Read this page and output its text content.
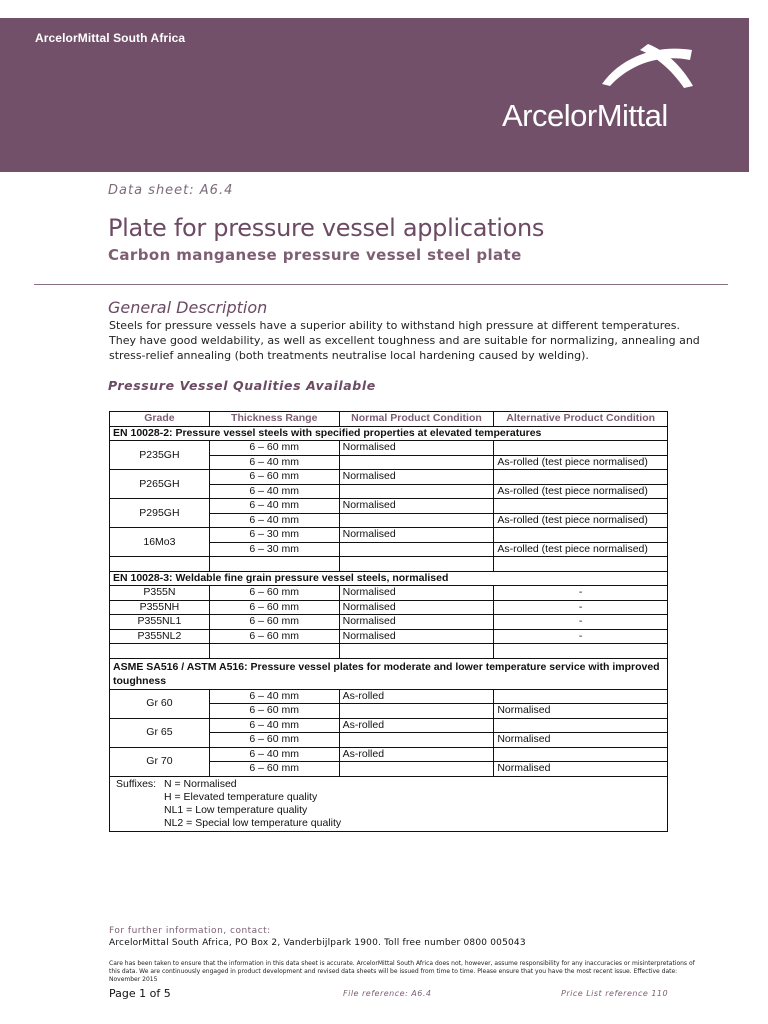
ArcelorMittal South Africa
ArcelorMittal
Data sheet: A6.4
Plate for pressure vessel applications
Carbon manganese pressure vessel steel plate
General Description
Steels for pressure vessels have a superior ability to withstand high pressure at different temperatures. They have good weldability, as well as excellent toughness and are suitable for normalizing, annealing and stress-relief annealing (both treatments neutralise local hardening caused by welding).
Pressure Vessel Qualities Available
Grade	Thickness Range	Normal Product Condition	Alternative Product Condition
EN 10028-2: Pressure vessel steels with specified properties at elevated temperatures			
P235GH	6 – 60 mm	Normalised	
	6 – 40 mm		As-rolled (test piece normalised)
P265GH	6 – 60 mm	Normalised	
	6 – 40 mm		As-rolled (test piece normalised)
P295GH	6 – 40 mm	Normalised	
	6 – 40 mm		As-rolled (test piece normalised)
16Mo3	6 – 30 mm	Normalised	
	6 – 30 mm		As-rolled (test piece normalised)

EN 10028-3: Weldable fine grain pressure vessel steels, normalised			
P355N	6 – 60 mm	Normalised	-
P355NH	6 – 60 mm	Normalised	-
P355NL1	6 – 60 mm	Normalised	-
P355NL2	6 – 60 mm	Normalised	-

ASME SA516 / ASTM A516: Pressure vessel plates for moderate and lower temperature service with improved toughness			
Gr 60	6 – 40 mm	As-rolled	
	6 – 60 mm		Normalised
Gr 65	6 – 40 mm	As-rolled	
	6 – 60 mm		Normalised
Gr 70	6 – 40 mm	As-rolled	
	6 – 60 mm		Normalised

Suffixes: N = Normalised
H = Elevated temperature quality
NL1 = Low temperature quality
NL2 = Special low temperature quality			
For further information, contact:
ArcelorMittal South Africa, PO Box 2, Vanderbijlpark 1900. Toll free number 0800 005043
Care has been taken to ensure that the information in this data sheet is accurate. ArcelorMittal South Africa does not, however, assume responsibility for any inaccuracies or misinterpretations of this data. We are continuously engaged in product development and revised data sheets will be issued from time to time. Please ensure that you have the most recent issue. Effective date: November 2015
Page 1 of 5	File reference: A6.4	Price List reference 110
